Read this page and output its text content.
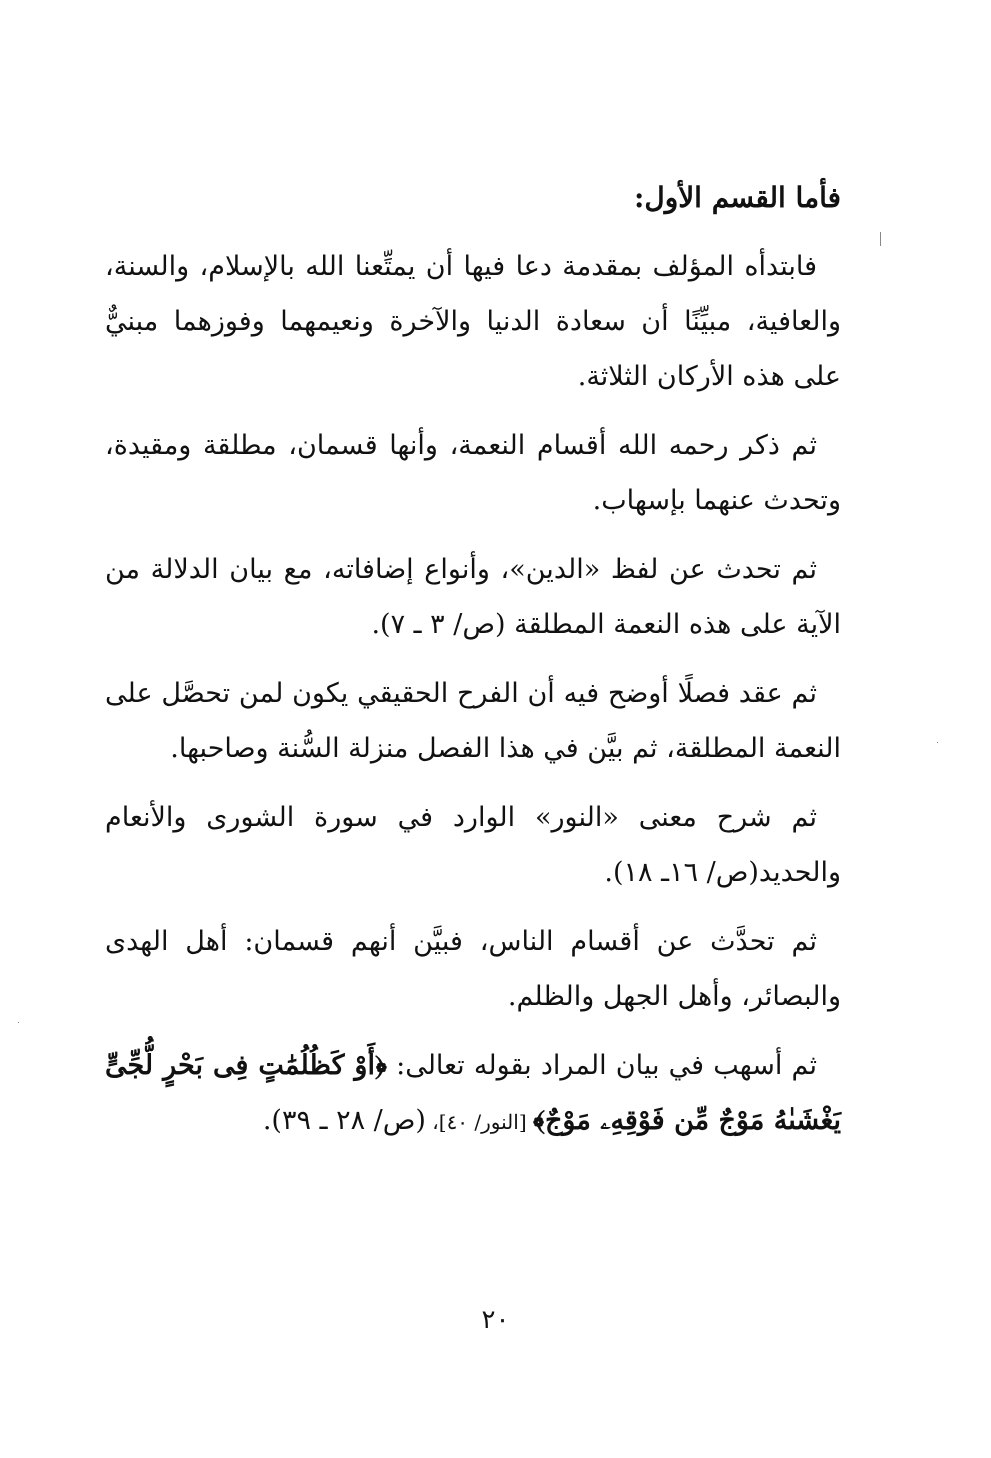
فأما القسم الأول:

فابتدأه المؤلف بمقدمة دعا فيها أن يمتِّعنا الله بالإسلام، والسنة، والعافية، مبيِّنًا أن سعادة الدنيا والآخرة ونعيمهما وفوزهما مبنيٌّ على هذه الأركان الثلاثة.

ثم ذكر رحمه الله أقسام النعمة، وأنها قسمان، مطلقة ومقيدة، وتحدث عنهما بإسهاب.

ثم تحدث عن لفظ «الدين»، وأنواع إضافاته، مع بيان الدلالة من الآية على هذه النعمة المطلقة (ص/ ٣ ـ ٧).

ثم عقد فصلًا أوضح فيه أن الفرح الحقيقي يكون لمن تحصَّل على النعمة المطلقة، ثم بيَّن في هذا الفصل منزلة السُّنة وصاحبها.

ثم شرح معنى «النور» الوارد في سورة الشورى والأنعام والحديد(ص/ ١٦ـ ١٨).

ثم تحدَّث عن أقسام الناس، فبيَّن أنهم قسمان: أهل الهدى والبصائر، وأهل الجهل والظلم.

ثم أسهب في بيان المراد بقوله تعالى: ﴿أَوْ كَظُلُمَٰتٍ فِى بَحْرٍ لُّجِّىٍّ يَغْشَىٰهُ مَوْجٌ مِّن فَوْقِهِۦ مَوْجٌ﴾ [النور/ ٤٠]، (ص/ ٢٨ ـ ٣٩).

٢٠
